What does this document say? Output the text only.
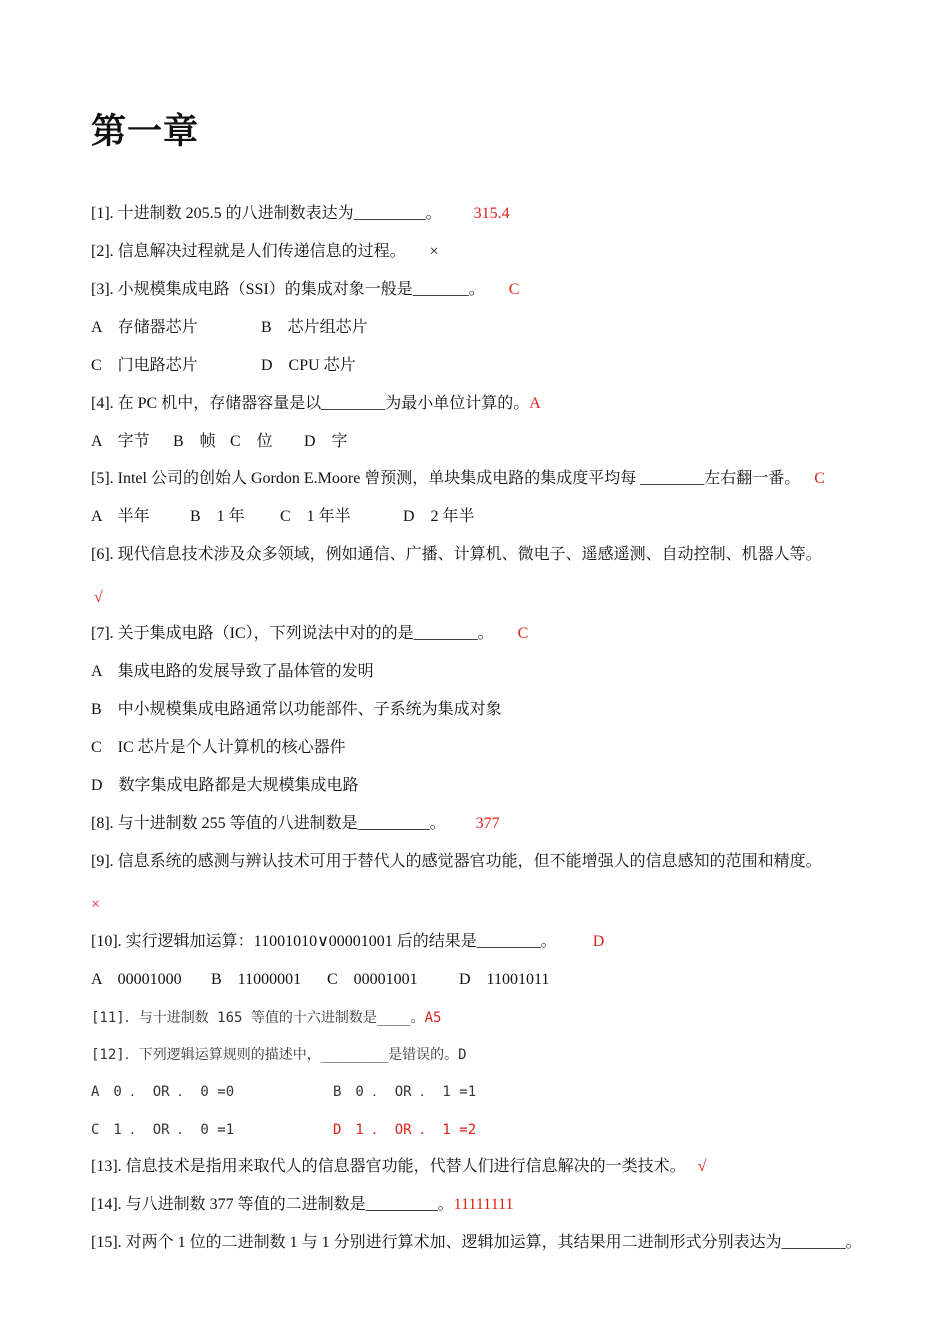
第一章
[1]. 十进制数 205.5 的八进制数表达为_________。 315.4
[2]. 信息解决过程就是人们传递信息的过程。 ×
[3]. 小规模集成电路（SSI）的集成对象一般是_______。 C
A　存储器芯片	B　芯片组芯片
C　门电路芯片	D　CPU 芯片
[4]. 在 PC 机中，存储器容量是以________为最小单位计算的。A
A　字节 B　帧 C　位 D　字
[5]. Intel 公司的创始人 Gordon E.Moore 曾预测，单块集成电路的集成度平均每 ________左右翻一番。 C
A　半年	B　1 年 C　1 年半	D　2 年半
[6]. 现代信息技术涉及众多领域，例如通信、广播、计算机、微电子、遥感遥测、自动控制、机器人等。
√
[7]. 关于集成电路（IC），下列说法中对的的是________。 C
A　集成电路的发展导致了晶体管的发明
B　中小规模集成电路通常以功能部件、子系统为集成对象
C　IC 芯片是个人计算机的核心器件
D　数字集成电路都是大规模集成电路
[8]. 与十进制数 255 等值的八进制数是_________。 377
[9]. 信息系统的感测与辨认技术可用于替代人的感觉器官功能，但不能增强人的信息感知的范围和精度。
×
[10]. 实行逻辑加运算：11001010∨00001001 后的结果是________。 D
A　00001000 B　11000001 C　00001001	D　11001011
[11]．与十进制数 165 等值的十六进制数是____。A5
[12]．下列逻辑运算规则的描述中，________是错误的。D
A　0 ． OR ． 0 =0	B　0 ． OR ． 1 =1
C　1 ． OR ． 0 =1	D　1 ． OR ． 1 =2
[13]. 信息技术是指用来取代人的信息器官功能，代替人们进行信息解决的一类技术。 √
[14]. 与八进制数 377 等值的二进制数是_________。11111111
[15]. 对两个 1 位的二进制数 1 与 1 分别进行算术加、逻辑加运算，其结果用二进制形式分别表达为________。
